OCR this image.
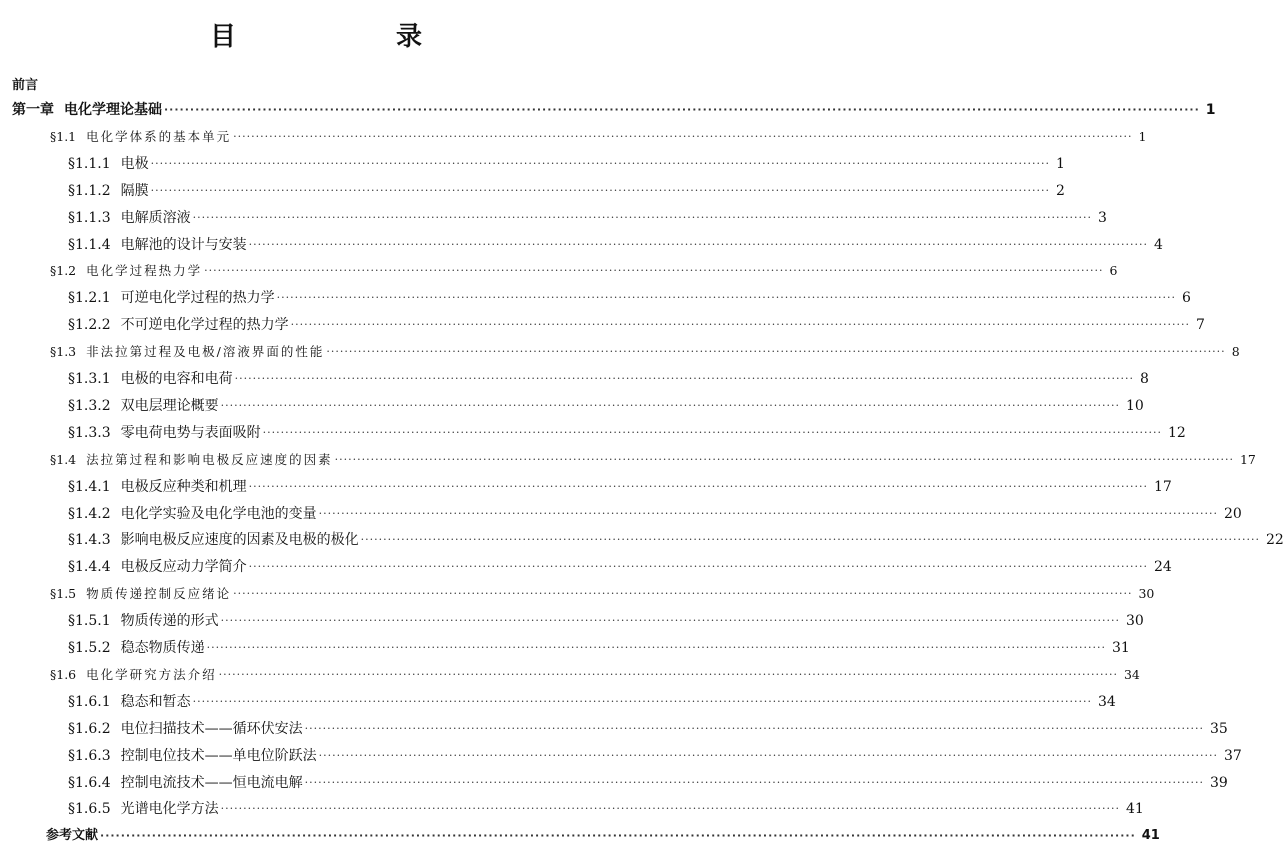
目　　录
前言
第一章 电化学理论基础 ········································································································································································································ 1
§1.1 电化学体系的基本单元 ········································································································································································································ 1
§1.1.1 电极 ········································································································································································································ 1
§1.1.2 隔膜 ········································································································································································································ 2
§1.1.3 电解质溶液 ········································································································································································································ 3
§1.1.4 电解池的设计与安装 ········································································································································································································ 4
§1.2 电化学过程热力学 ········································································································································································································ 6
§1.2.1 可逆电化学过程的热力学 ········································································································································································································ 6
§1.2.2 不可逆电化学过程的热力学 ········································································································································································································ 7
§1.3 非法拉第过程及电极/溶液界面的性能 ········································································································································································································ 8
§1.3.1 电极的电容和电荷 ········································································································································································································ 8
§1.3.2 双电层理论概要 ········································································································································································································ 10
§1.3.3 零电荷电势与表面吸附 ········································································································································································································ 12
§1.4 法拉第过程和影响电极反应速度的因素 ········································································································································································································ 17
§1.4.1 电极反应种类和机理 ········································································································································································································ 17
§1.4.2 电化学实验及电化学电池的变量 ········································································································································································································ 20
§1.4.3 影响电极反应速度的因素及电极的极化 ········································································································································································································ 22
§1.4.4 电极反应动力学简介 ········································································································································································································ 24
§1.5 物质传递控制反应绪论 ········································································································································································································ 30
§1.5.1 物质传递的形式 ········································································································································································································ 30
§1.5.2 稳态物质传递 ········································································································································································································ 31
§1.6 电化学研究方法介绍 ········································································································································································································ 34
§1.6.1 稳态和暂态 ········································································································································································································ 34
§1.6.2 电位扫描技术——循环伏安法 ········································································································································································································ 35
§1.6.3 控制电位技术——单电位阶跃法 ········································································································································································································ 37
§1.6.4 控制电流技术——恒电流电解 ········································································································································································································ 39
§1.6.5 光谱电化学方法 ········································································································································································································ 41
参考文献 ········································································································································································································ 41
